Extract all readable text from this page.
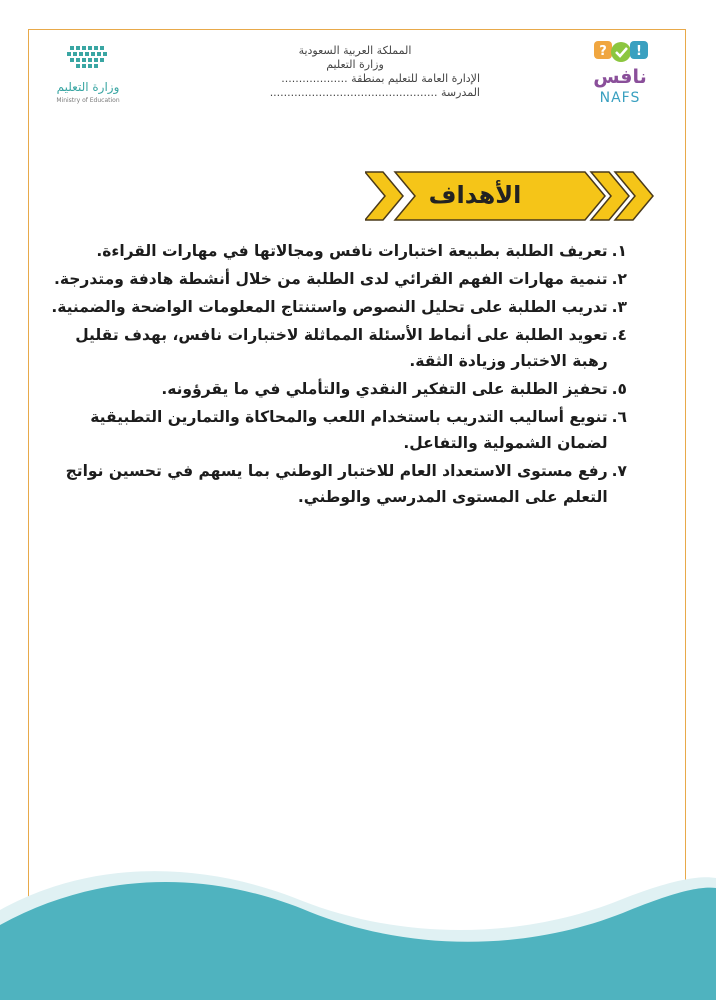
وزارة التعليم
Ministry of Education
المملكة العربية السعودية
وزارة التعليم
الإدارة العامة للتعليم بمنطقة ...................
المدرسة ................................................
? !
نافس
NAFS
الأهداف
١.
تعريف الطلبة بطبيعة اختبارات نافس ومجالاتها في مهارات القراءة.
٢.
تنمية مهارات الفهم القرائي لدى الطلبة من خلال أنشطة هادفة ومتدرجة.
٣.
تدريب الطلبة على تحليل النصوص واستنتاج المعلومات الواضحة والضمنية.
٤.
تعويد الطلبة على أنماط الأسئلة المماثلة لاختبارات نافس، بهدف تقليل رهبة الاختبار وزيادة الثقة.
٥.
تحفيز الطلبة على التفكير النقدي والتأملي في ما يقرؤونه.
٦.
تنويع أساليب التدريب باستخدام اللعب والمحاكاة والتمارين التطبيقية لضمان الشمولية والتفاعل.
٧.
رفع مستوى الاستعداد العام للاختبار الوطني بما يسهم في تحسين نواتج التعلم على المستوى المدرسي والوطني.
